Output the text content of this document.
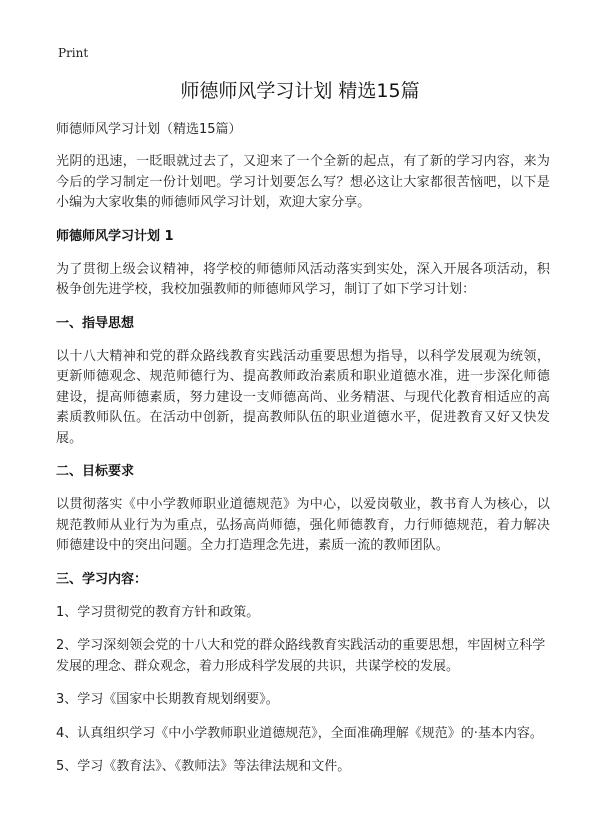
Print
师德师风学习计划 精选15篇
师德师风学习计划（精选15篇）
光阴的迅速，一眨眼就过去了，又迎来了一个全新的起点，有了新的学习内容，来为今后的学习制定一份计划吧。学习计划要怎么写？想必这让大家都很苦恼吧，以下是小编为大家收集的师德师风学习计划，欢迎大家分享。
师德师风学习计划 1
为了贯彻上级会议精神，将学校的师德师风活动落实到实处，深入开展各项活动，积极争创先进学校，我校加强教师的师德师风学习，制订了如下学习计划：
一、指导思想
以十八大精神和党的群众路线教育实践活动重要思想为指导，以科学发展观为统领，更新师德观念、规范师德行为、提高教师政治素质和职业道德水准，进一步深化师德建设，提高师德素质，努力建设一支师德高尚、业务精湛、与现代化教育相适应的高素质教师队伍。在活动中创新，提高教师队伍的职业道德水平，促进教育又好又快发展。
二、目标要求
以贯彻落实《中小学教师职业道德规范》为中心，以爱岗敬业，教书育人为核心，以规范教师从业行为为重点，弘扬高尚师德，强化师德教育，力行师德规范，着力解决师德建设中的突出问题。全力打造理念先进，素质一流的教师团队。
三、学习内容：
1、学习贯彻党的教育方针和政策。
2、学习深刻领会党的十八大和党的群众路线教育实践活动的重要思想，牢固树立科学发展的理念、群众观念，着力形成科学发展的共识，共谋学校的发展。
3、学习《国家中长期教育规划纲要》。
4、认真组织学习《中小学教师职业道德规范》，全面准确理解《规范》的·基本内容。
5、学习《教育法》、《教师法》等法律法规和文件。
